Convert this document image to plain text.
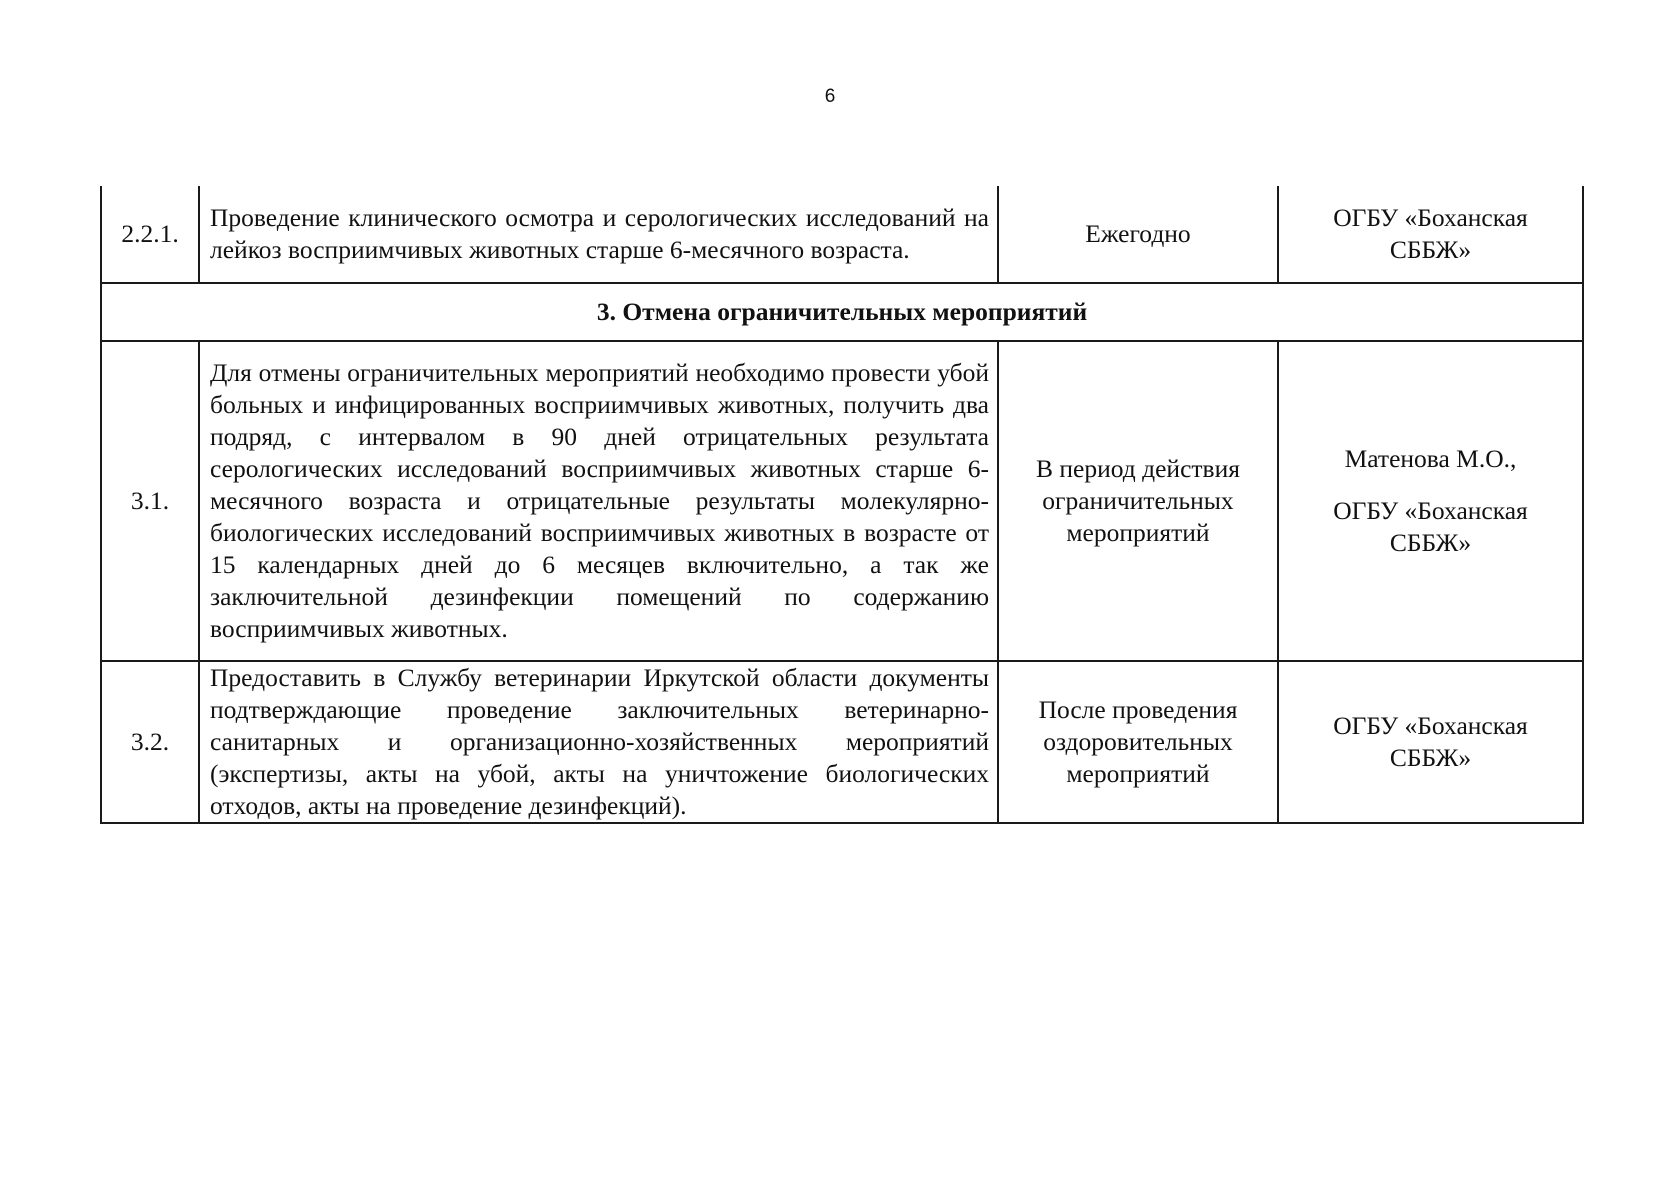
6
2.2.1.	Проведение клинического осмотра и серологических исследований на лейкоз восприимчивых животных старше 6-месячного возраста.	Ежегодно	ОГБУ «Боханская СББЖ»

3. Отмена ограничительных мероприятий			
3.1.	Для отмены ограничительных мероприятий необходимо провести убой больных и инфицированных восприимчивых животных, получить два подряд, с интервалом в 90 дней отрицательных результата серологических исследований восприимчивых животных старше 6-месячного возраста и отрицательные результаты молекулярно-биологических исследований восприимчивых животных в возрасте от 15 календарных дней до 6 месяцев включительно, а так же заключительной дезинфекции помещений по содержанию восприимчивых животных.	В период действия ограничительных мероприятий	Матенова М.О.,
ОГБУ «Боханская СББЖ»

3.2.	Предоставить в Службу ветеринарии Иркутской области документы подтверждающие проведение заключительных ветеринарно-санитарных и организационно-хозяйственных мероприятий (экспертизы, акты на убой, акты на уничтожение биологических отходов, акты на проведение дезинфекций).	После проведения оздоровительных мероприятий	ОГБУ «Боханская СББЖ»
